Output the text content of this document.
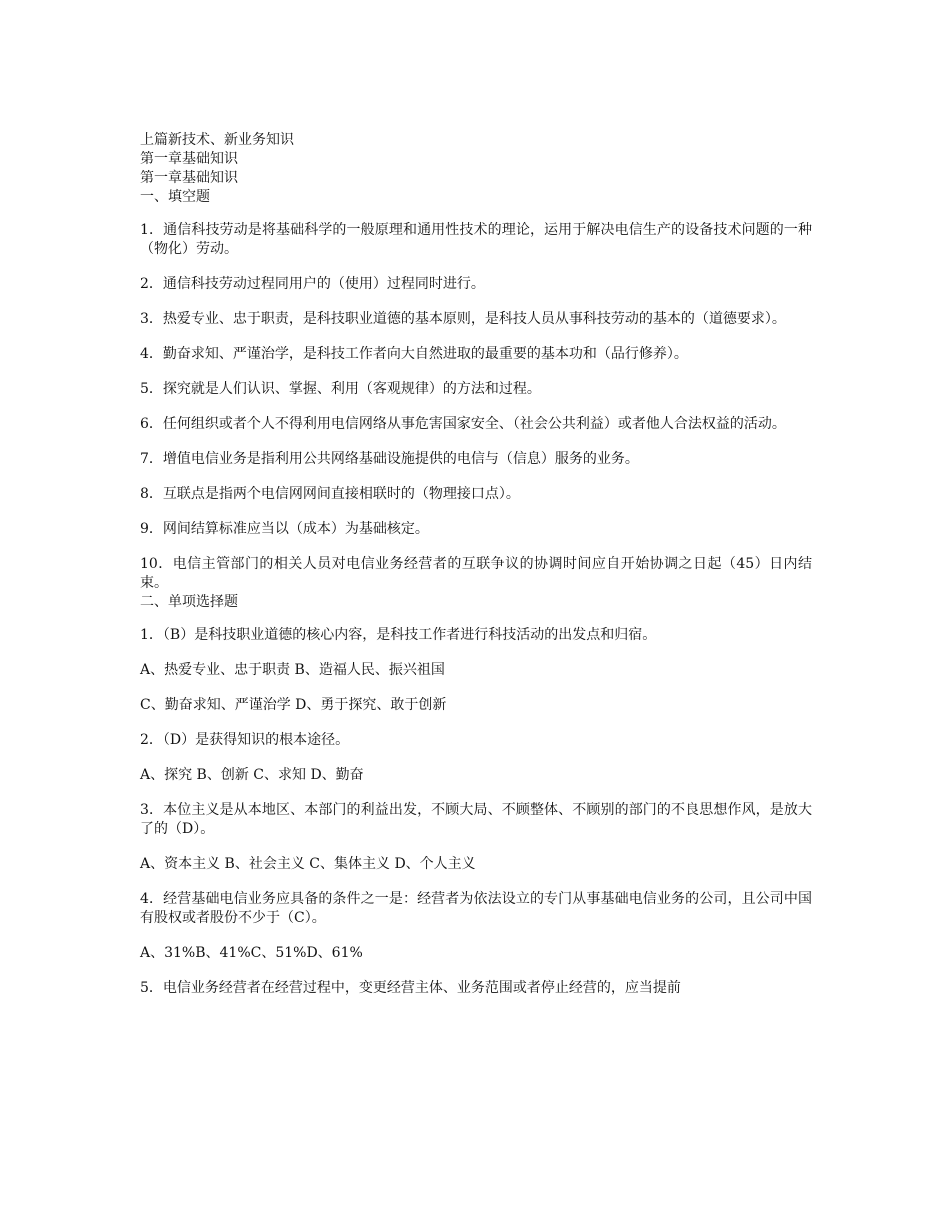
上篇新技术、新业务知识
第一章基础知识
第一章基础知识
一、填空题

1．通信科技劳动是将基础科学的一般原理和通用性技术的理论，运用于解决电信生产的设备技术问题的一种（物化）劳动。

2．通信科技劳动过程同用户的（使用）过程同时进行。

3．热爱专业、忠于职责，是科技职业道德的基本原则，是科技人员从事科技劳动的基本的（道德要求）。

4．勤奋求知、严谨治学，是科技工作者向大自然进取的最重要的基本功和（品行修养）。

5．探究就是人们认识、掌握、利用（客观规律）的方法和过程。

6．任何组织或者个人不得利用电信网络从事危害国家安全、（社会公共利益）或者他人合法权益的活动。

7．增值电信业务是指利用公共网络基础设施提供的电信与（信息）服务的业务。

8．互联点是指两个电信网网间直接相联时的（物理接口点）。

9．网间结算标准应当以（成本）为基础核定。

10．电信主管部门的相关人员对电信业务经营者的互联争议的协调时间应自开始协调之日起（45）日内结束。

二、单项选择题

1．（B）是科技职业道德的核心内容，是科技工作者进行科技活动的出发点和归宿。

A、热爱专业、忠于职责 B、造福人民、振兴祖国

C、勤奋求知、严谨治学 D、勇于探究、敢于创新

2．（D）是获得知识的根本途径。

A、探究 B、创新 C、求知 D、勤奋

3．本位主义是从本地区、本部门的利益出发，不顾大局、不顾整体、不顾别的部门的不良思想作风，是放大了的（D）。

A、资本主义 B、社会主义 C、集体主义 D、个人主义

4．经营基础电信业务应具备的条件之一是：经营者为依法设立的专门从事基础电信业务的公司，且公司中国有股权或者股份不少于（C）。

A、31%B、41%C、51%D、61%

5．电信业务经营者在经营过程中，变更经营主体、业务范围或者停止经营的，应当提前
